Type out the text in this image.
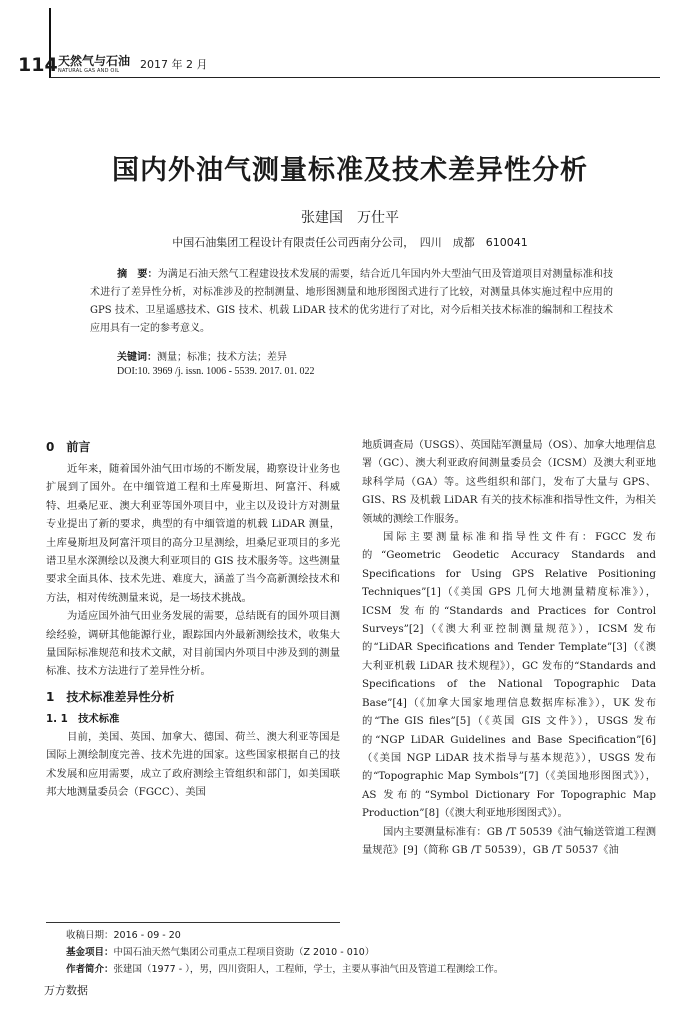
114 天然气与石油
NATURAL GAS AND OIL 2017 年 2 月
国内外油气测量标准及技术差异性分析
张建国　万仕平
中国石油集团工程设计有限责任公司西南分公司，　四川　成都　610041
摘　要：为满足石油天然气工程建设技术发展的需要，结合近几年国内外大型油气田及管道项目对测量标准和技术进行了差异性分析，对标准涉及的控制测量、地形图测量和地形图图式进行了比较，对测量具体实施过程中应用的 GPS 技术、卫星遥感技术、GIS 技术、机载 LiDAR 技术的优劣进行了对比，对今后相关技术标准的编制和工程技术应用具有一定的参考意义。
关键词：测量；标准；技术方法；差异
DOI:10. 3969 /j. issn. 1006 - 5539. 2017. 01. 022
0　前言

近年来，随着国外油气田市场的不断发展，勘察设计业务也扩展到了国外。在中缅管道工程和土库曼斯坦、阿富汗、科威特、坦桑尼亚、澳大利亚等国外项目中，业主以及设计方对测量专业提出了新的要求，典型的有中缅管道的机载 LiDAR 测量，土库曼斯坦及阿富汗项目的高分卫星测绘，坦桑尼亚项目的多光谱卫星水深测绘以及澳大利亚项目的 GIS 技术服务等。这些测量要求全面具体、技术先进、难度大，涵盖了当今高新测绘技术和方法，相对传统测量来说，是一场技术挑战。

为适应国外油气田业务发展的需要，总结既有的国外项目测绘经验，调研其他能源行业，跟踪国内外最新测绘技术，收集大量国际标准规范和技术文献，对目前国内外项目中涉及到的测量标准、技术方法进行了差异性分析。

1　技术标准差异性分析
1. 1　技术标准

目前，美国、英国、加拿大、德国、荷兰、澳大利亚等国是国际上测绘制度完善、技术先进的国家。这些国家根据自己的技术发展和应用需要，成立了政府测绘主管组织和部门，如美国联邦大地测量委员会（FGCC）、美国

地质调查局（USGS）、英国陆军测量局（OS）、加拿大地理信息署（GC）、澳大利亚政府间测量委员会（ICSM）及澳大利亚地球科学局（GA）等。这些组织和部门，发布了大量与 GPS、GIS、RS 及机载 LiDAR 有关的技术标准和指导性文件，为相关领域的测绘工作服务。

国际主要测量标准和指导性文件有：FGCC 发布的“Geometric Geodetic Accuracy Standards and Specifications for Using GPS Relative Positioning Techniques”[1]（《美国 GPS 几何大地测量精度标准》），ICSM 发布的“Standards and Practices for Control Surveys”[2]（《澳大利亚控制测量规范》），ICSM 发布的“LiDAR Specifications and Tender Template”[3]（《澳大利亚机载 LiDAR 技术规程》），GC 发布的“Standards and Specifications of the National Topographic Data Base”[4]（《加拿大国家地理信息数据库标准》），UK 发布的“The GIS files”[5]（《英国 GIS 文件》），USGS 发布的“NGP LiDAR Guidelines and Base Specification”[6]（《美国 NGP LiDAR 技术指导与基本规范》），USGS 发布的“Topographic Map Symbols”[7]（《美国地形图图式》），AS 发布的“Symbol Dictionary For Topographic Map Production”[8]（《澳大利亚地形图图式》）。

国内主要测量标准有：GB /T 50539《油气输送管道工程测量规范》[9]（简称 GB /T 50539），GB /T 50537《油

收稿日期：2016 - 09 - 20
基金项目：中国石油天然气集团公司重点工程项目资助（Z 2010 - 010）
作者简介：张建国（1977 - ），男，四川资阳人，工程师，学士，主要从事油气田及管道工程测绘工作。
万方数据
